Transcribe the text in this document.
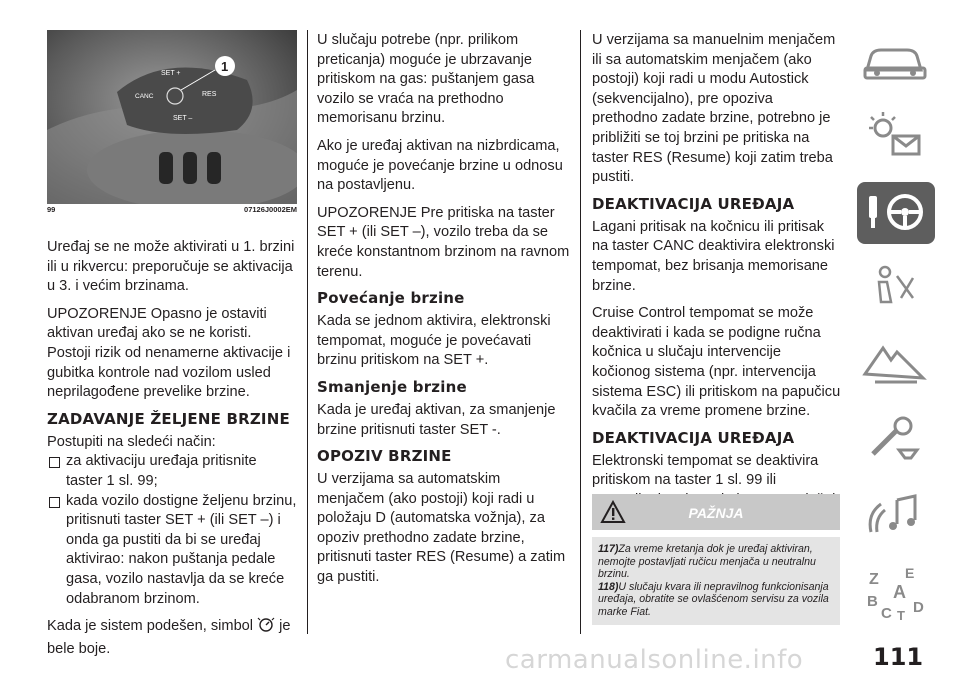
SET +
CANC	RES
SET –
1
99	07126J0002EM

Uređaj se ne može aktivirati u 1. brzini ili u rikvercu: preporučuje se aktivacija u 3. i većim brzinama.

UPOZORENJE Opasno je ostaviti aktivan uređaj ako se ne koristi. Postoji rizik od nenamerne aktivacije i gubitka kontrole nad vozilom usled neprilagođene prevelike brzine.

ZADAVANJE ŽELJENE BRZINE

Postupiti na sledeći način:

za aktivaciju uređaja pritisnite taster 1 sl. 99;
kada vozilo dostigne željenu brzinu, pritisnuti taster SET + (ili SET –) i onda ga pustiti da bi se uređaj aktivirao: nakon puštanja pedale gasa, vozilo nastavlja da se kreće odabranom brzinom.

Kada je sistem podešen, simbol je bele boje.

U slučaju potrebe (npr. prilikom preticanja) moguće je ubrzavanje pritiskom na gas: puštanjem gasa vozilo se vraća na prethodno memorisanu brzinu.

Ako je uređaj aktivan na nizbrdicama, moguće je povećanje brzine u odnosu na postavljenu.

UPOZORENJE Pre pritiska na taster SET + (ili SET –), vozilo treba da se kreće konstantnom brzinom na ravnom terenu.

Povećanje brzine

Kada se jednom aktivira, elektronski tempomat, moguće je povećavati brzinu pritiskom na SET +.

Smanjenje brzine

Kada je uređaj aktivan, za smanjenje brzine pritisnuti taster SET -.

OPOZIV BRZINE

U verzijama sa automatskim menjačem (ako postoji) koji radi u položaju D (automatska vožnja), za opoziv prethodno zadate brzine, pritisnuti taster RES (Resume) a zatim ga pustiti.

U verzijama sa manuelnim menjačem ili sa automatskim menjačem (ako postoji) koji radi u modu Autostick (sekvencijalno), pre opoziva prethodno zadate brzine, potrebno je približiti se toj brzini pe pritiska na taster RES (Resume) koji zatim treba pustiti.

DEAKTIVACIJA UREĐAJA

Lagani pritisak na kočnicu ili pritisak na taster CANC deaktivira elektronski tempomat, bez brisanja memorisane brzine.

Cruise Control tempomat se može deaktivirati i kada se podigne ručna kočnica u slučaju intervencije kočionog sistema (npr. intervencija sistema ESC) ili pritiskom na papučicu kvačila za vreme promene brzine.

DEAKTIVACIJA UREĐAJA

Elektronski tempomat se deaktivira pritiskom na taster 1 sl. 99 ili

PAŽNJA
117)Za vreme kretanja dok je uređaj aktiviran, nemojte postavljati ručicu menjača u neutralnu brzinu.
118)U slučaju kvara ili nepravilnog funkcionisanja uređaja, obratite se ovlašćenom servisu za vozila marke Fiat.
Z E
B A
C T D
carmanualsonline.info	111
